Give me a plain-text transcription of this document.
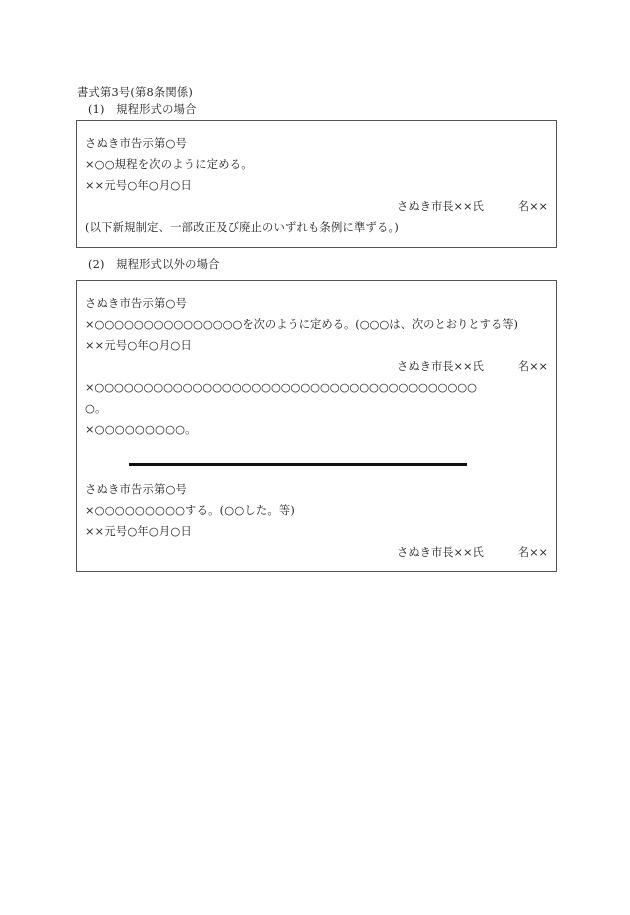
書式第3号(第8条関係)
(1)　規程形式の場合
さぬき市告示第○号
×○○規程を次のように定める。
××元号○年○月○日
さぬき市長××氏	名××
(以下新規制定、一部改正及び廃止のいずれも条例に準ずる。)
(2)　規程形式以外の場合
さぬき市告示第○号
×○○○○○○○○○○○○○○○を次のように定める。(○○○は、次のとおりとする等)
××元号○年○月○日
さぬき市長××氏	名××
×○○○○○○○○○○○○○○○○○○○○○○○○○○○○○○○○○○○○○○○
○。
×○○○○○○○○○。
さぬき市告示第○号
×○○○○○○○○○する。(○○した。等)
××元号○年○月○日
さぬき市長××氏	名××
